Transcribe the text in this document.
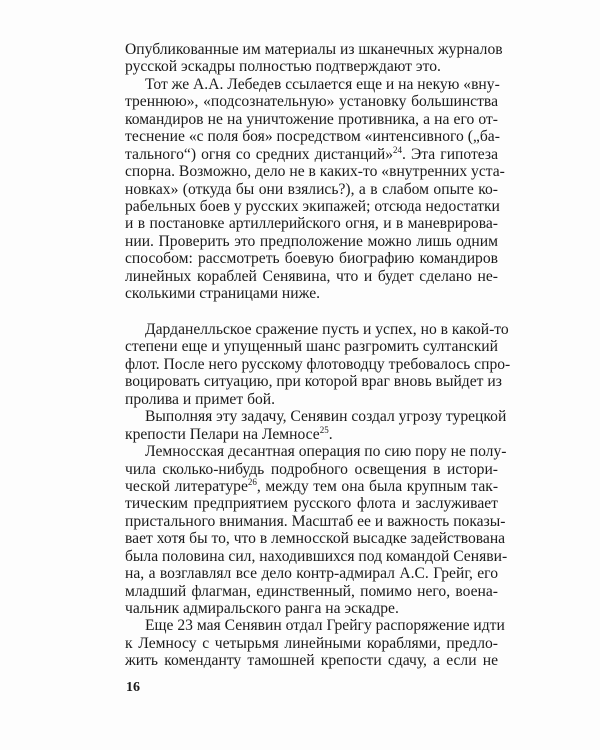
Опубликованные им материалы из шканечных журналов
русской эскадры полностью подтверждают это.
Тот же А.А. Лебедев ссылается еще и на некую «вну-
треннюю», «подсознательную» установку большинства
командиров не на уничтожение противника, а на его от-
теснение «с поля боя» посредством «интенсивного („ба-
тального“) огня со средних дистанций»$^{24}$. Эта гипотеза
спорна. Возможно, дело не в каких-то «внутренних уста-
новках» (откуда бы они взялись?), а в слабом опыте ко-
рабельных боев у русских экипажей; отсюда недостатки
и в постановке артиллерийского огня, и в маневрирова-
нии. Проверить это предположение можно лишь одним
способом: рассмотреть боевую биографию командиров
линейных кораблей Сенявина, что и будет сделано не-
сколькими страницами ниже.
Дарданелльское сражение пусть и успех, но в какой-то
степени еще и упущенный шанс разгромить султанский
флот. После него русскому флотоводцу требовалось спро-
воцировать ситуацию, при которой враг вновь выйдет из
пролива и примет бой.
Выполняя эту задачу, Сенявин создал угрозу турецкой
крепости Пелари на Лемносе$^{25}$.
Лемносская десантная операция по сию пору не полу-
чила сколько-нибудь подробного освещения в истори-
ческой литературе$^{26}$, между тем она была крупным так-
тическим предприятием русского флота и заслуживает
пристального внимания. Масштаб ее и важность показы-
вает хотя бы то, что в лемносской высадке задействована
была половина сил, находившихся под командой Сеняви-
на, а возглавлял все дело контр-адмирал А.С. Грейг, его
младший флагман, единственный, помимо него, военa-
чальник адмиральского ранга на эскадре.
Еще 23 мая Сенявин отдал Грейгу распоряжение идти
к Лемносу с четырьмя линейными кораблями, предло-
жить коменданту тамошней крепости сдачу, а если не
16
